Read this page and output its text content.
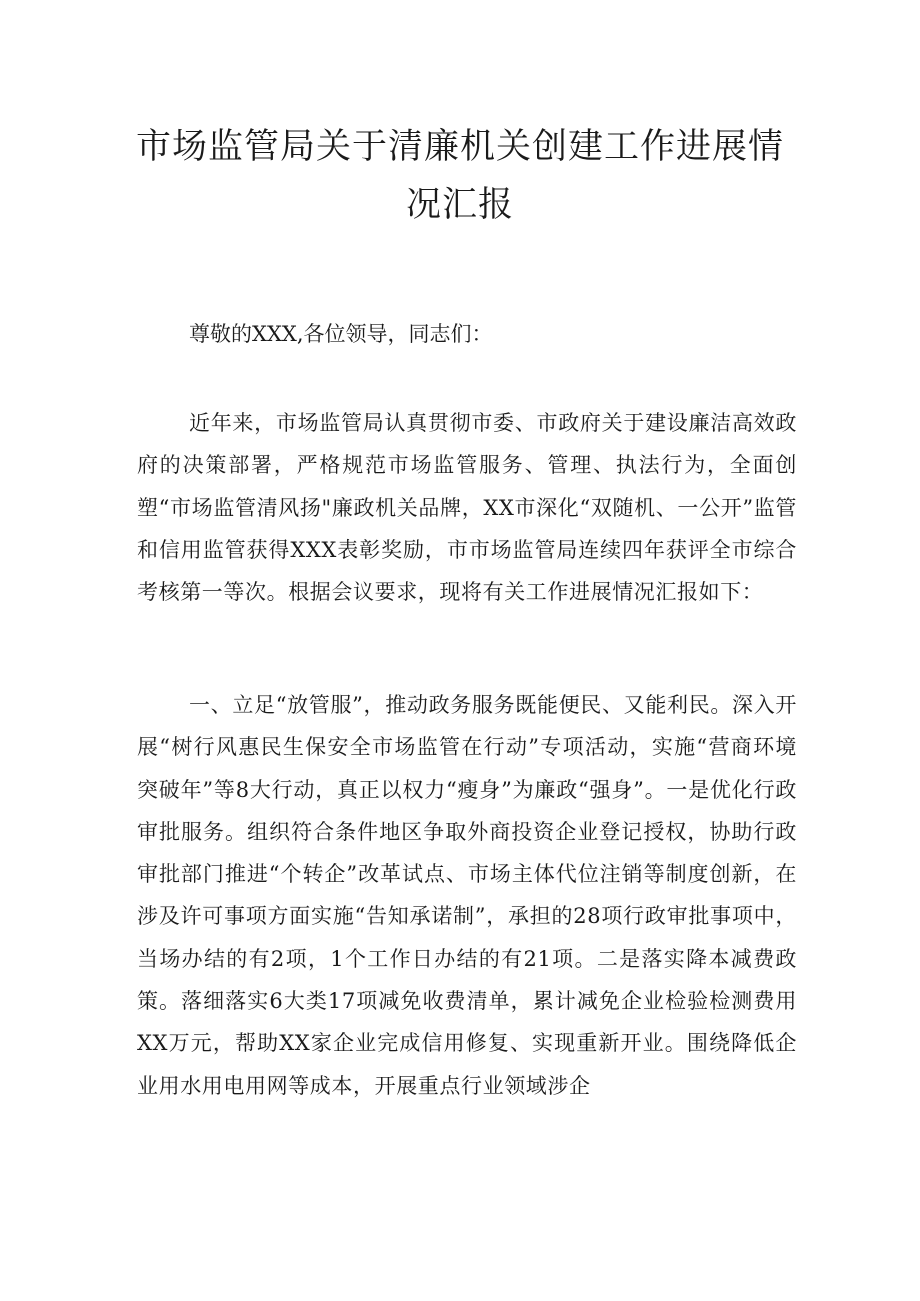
市场监管局关于清廉机关创建工作进展情况汇报

尊敬的XXX,各位领导，同志们：

近年来，市场监管局认真贯彻市委、市政府关于建设廉洁高效政府的决策部署，严格规范市场监管服务、管理、执法行为，全面创塑“市场监管清风扬"廉政机关品牌，XX市深化“双随机、一公开”监管和信用监管获得XXX表彰奖励，市市场监管局连续四年获评全市综合考核第一等次。根据会议要求，现将有关工作进展情况汇报如下：

一、立足“放管服”，推动政务服务既能便民、又能利民。深入开展“树行风惠民生保安全市场监管在行动”专项活动，实施“营商环境突破年”等8大行动，真正以权力“瘦身”为廉政“强身”。一是优化行政审批服务。组织符合条件地区争取外商投资企业登记授权，协助行政审批部门推进“个转企”改革试点、市场主体代位注销等制度创新，在涉及许可事项方面实施“告知承诺制”，承担的28项行政审批事项中，当场办结的有2项，1个工作日办结的有21项。二是落实降本减费政策。落细落实6大类17项减免收费清单，累计减免企业检验检测费用XX万元，帮助XX家企业完成信用修复、实现重新开业。围绕降低企业用水用电用网等成本，开展重点行业领域涉企
